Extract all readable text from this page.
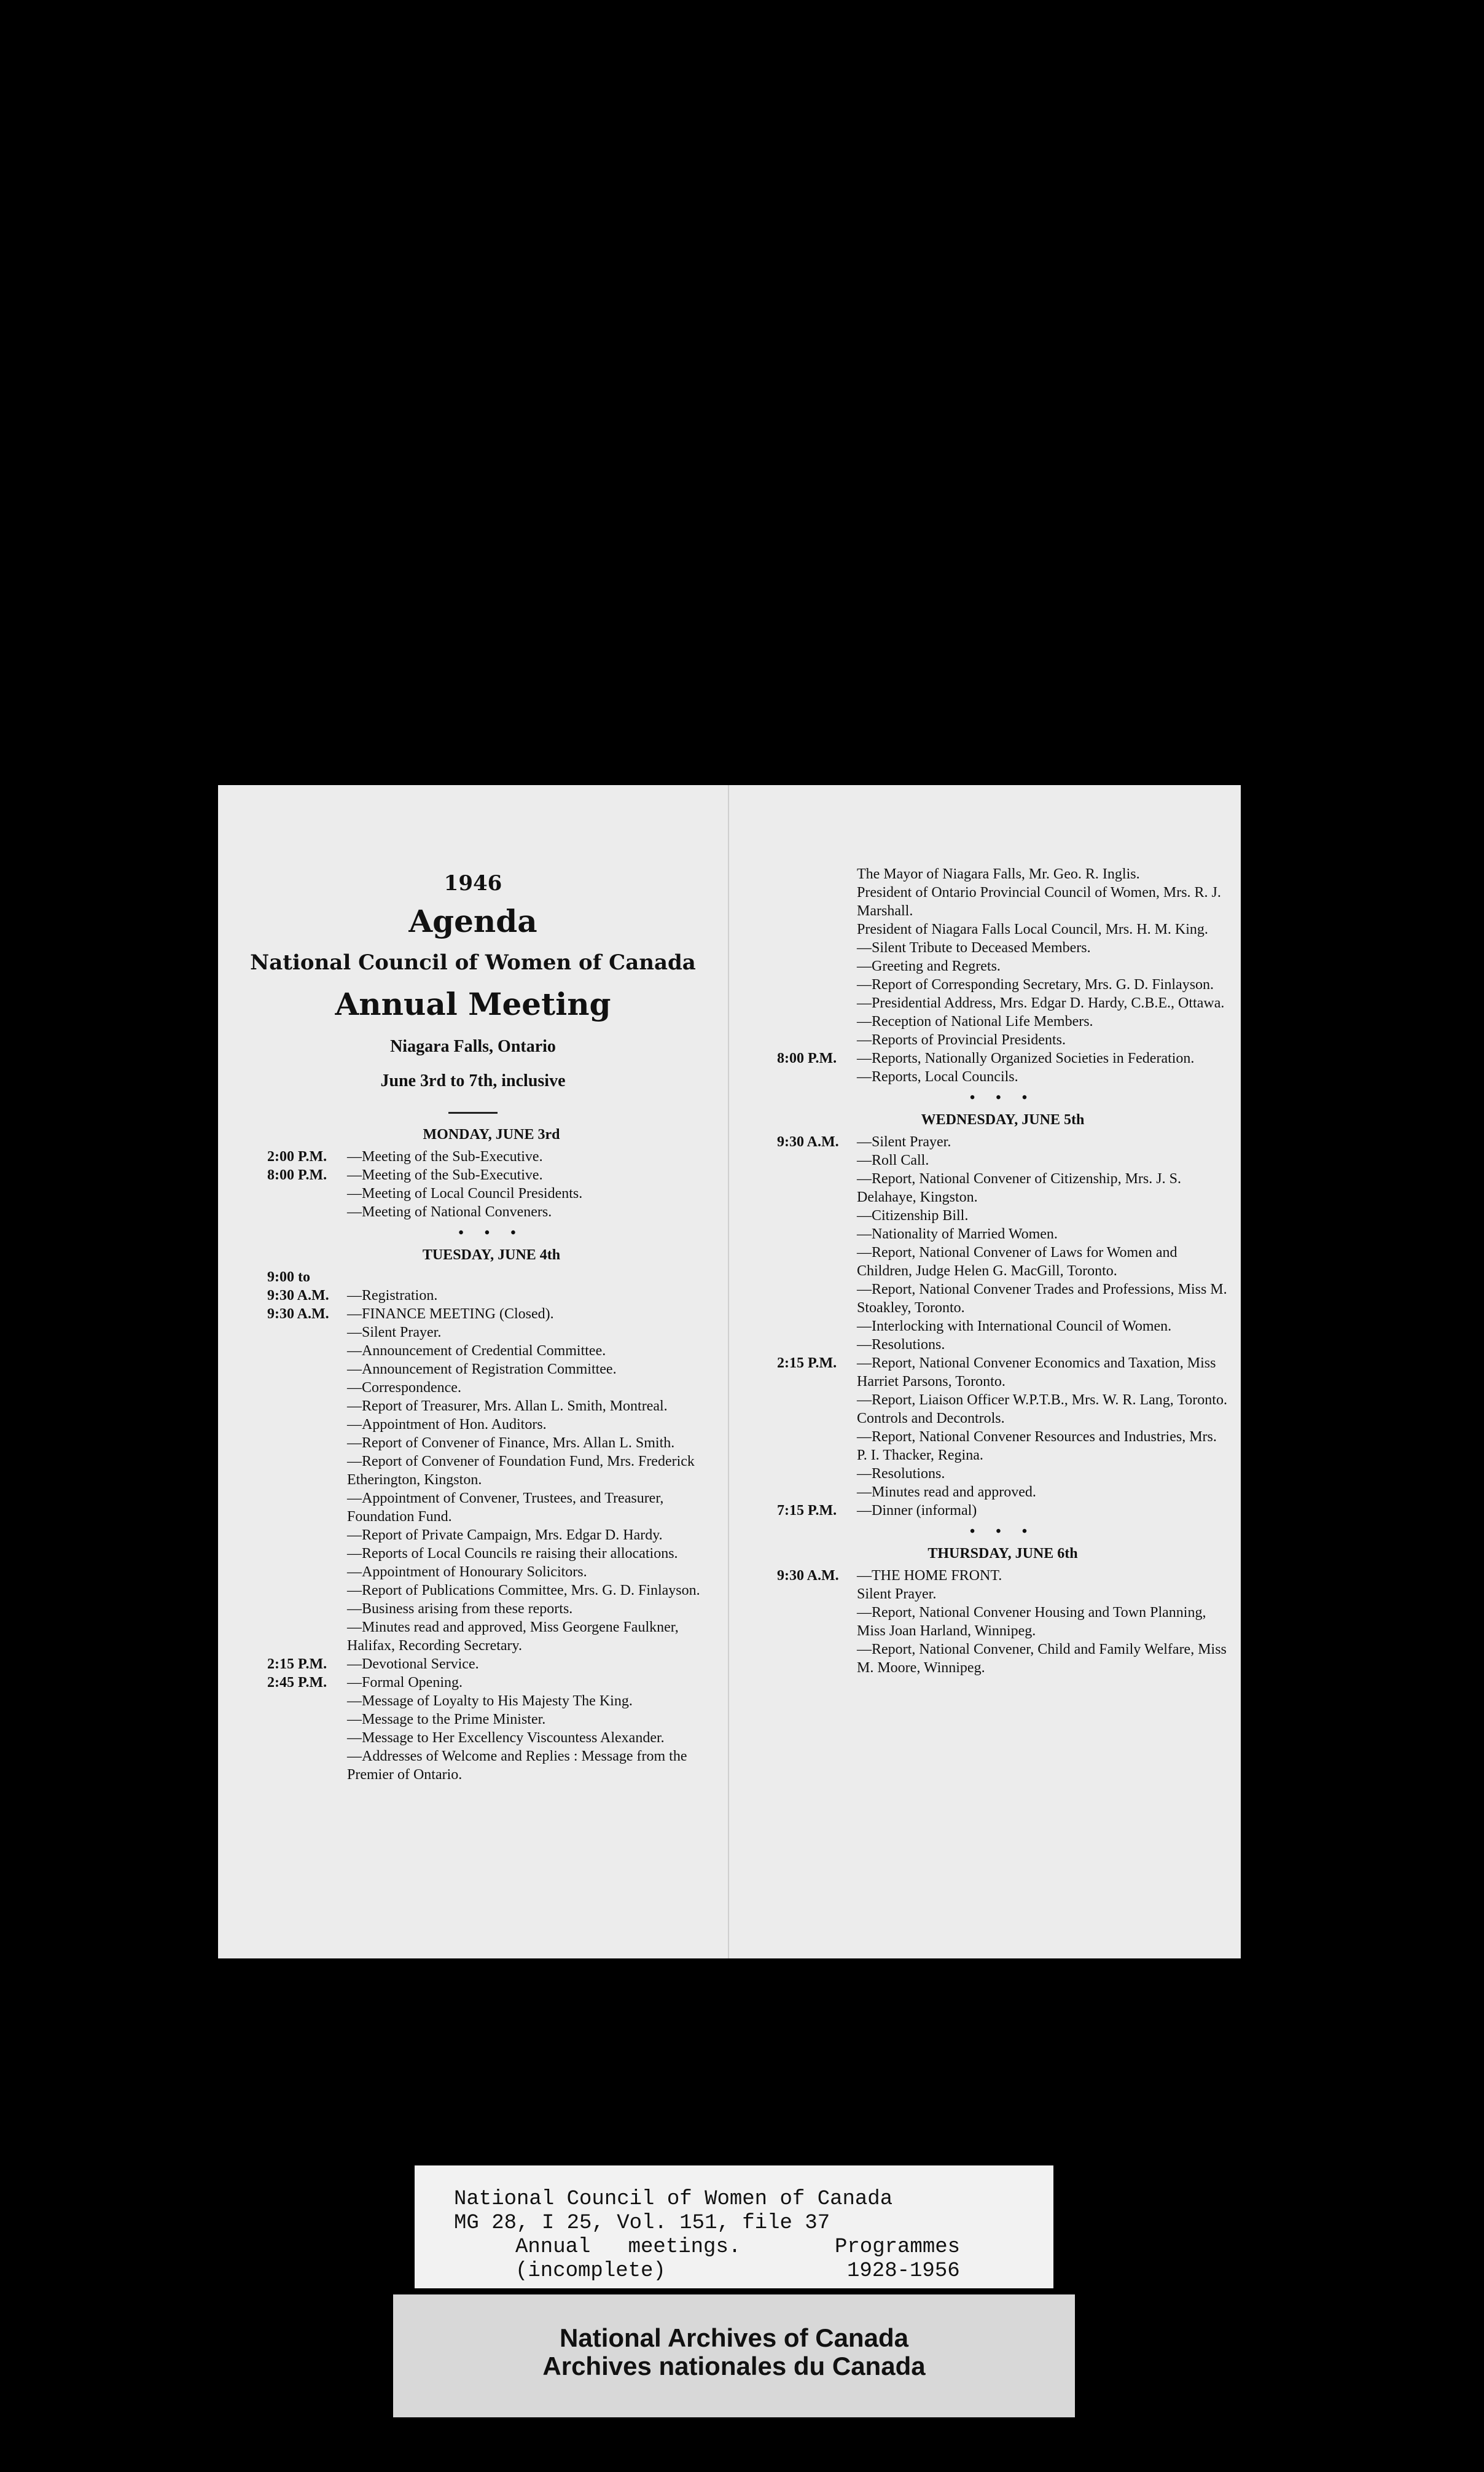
1946
Agenda
National Council of Women of Canada
Annual Meeting
Niagara Falls, Ontario
June 3rd to 7th, inclusive
MONDAY, JUNE 3rd
2:00 P.M.	—Meeting of the Sub-Executive.
8:00 P.M.	—Meeting of the Sub-Executive.
—Meeting of Local Council Presidents.
—Meeting of National Conveners.
• • •
TUESDAY, JUNE 4th
9:00 to
9:30 A.M.	—Registration.
9:30 A.M.	—FINANCE MEETING (Closed).
—Silent Prayer.
—Announcement of Credential Committee.
—Announcement of Registration Committee.
—Correspondence.
—Report of Treasurer, Mrs. Allan L. Smith, Montreal.
—Appointment of Hon. Auditors.
—Report of Convener of Finance, Mrs. Allan L. Smith.
—Report of Convener of Foundation Fund, Mrs. Frederick Etherington, Kingston.
—Appointment of Convener, Trustees, and Treasurer, Foundation Fund.
—Report of Private Campaign, Mrs. Edgar D. Hardy.
—Reports of Local Councils re raising their allocations.
—Appointment of Honourary Solicitors.
—Report of Publications Committee, Mrs. G. D. Finlayson.
—Business arising from these reports.
—Minutes read and approved, Miss Georgene Faulkner, Halifax, Recording Secretary.
2:15 P.M.	—Devotional Service.
2:45 P.M.	—Formal Opening.
—Message of Loyalty to His Majesty The King.
—Message to the Prime Minister.
—Message to Her Excellency Viscountess Alexander.
—Addresses of Welcome and Replies : Message from the Premier of Ontario.
The Mayor of Niagara Falls, Mr. Geo. R. Inglis.
President of Ontario Provincial Council of Women, Mrs. R. J. Marshall.
President of Niagara Falls Local Council, Mrs. H. M. King.
—Silent Tribute to Deceased Members.
—Greeting and Regrets.
—Report of Corresponding Secretary, Mrs. G. D. Finlayson.
—Presidential Address, Mrs. Edgar D. Hardy, C.B.E., Ottawa.
—Reception of National Life Members.
—Reports of Provincial Presidents.
8:00 P.M.	—Reports, Nationally Organized Societies in Federation.
—Reports, Local Councils.
• • •
WEDNESDAY, JUNE 5th
9:30 A.M.	—Silent Prayer.
—Roll Call.
—Report, National Convener of Citizenship, Mrs. J. S. Delahaye, Kingston.
—Citizenship Bill.
—Nationality of Married Women.
—Report, National Convener of Laws for Women and Children, Judge Helen G. MacGill, Toronto.
—Report, National Convener Trades and Professions, Miss M. Stoakley, Toronto.
—Interlocking with International Council of Women.
—Resolutions.
2:15 P.M.	—Report, National Convener Economics and Taxation, Miss Harriet Parsons, Toronto.
—Report, Liaison Officer W.P.T.B., Mrs. W. R. Lang, Toronto. Controls and Decontrols.
—Report, National Convener Resources and Industries, Mrs. P. I. Thacker, Regina.
—Resolutions.
—Minutes read and approved.
7:15 P.M.	—Dinner (informal)
• • •
THURSDAY, JUNE 6th
9:30 A.M.	—THE HOME FRONT.
Silent Prayer.
—Report, National Convener Housing and Town Planning, Miss Joan Harland, Winnipeg.
—Report, National Convener, Child and Family Welfare, Miss M. Moore, Winnipeg.
National Council of Women of Canada
MG 28, I 25, Vol. 151, file 37
Annual   meetings.	Programmes
(incomplete)	1928-1956
National Archives of Canada
Archives nationales du Canada
